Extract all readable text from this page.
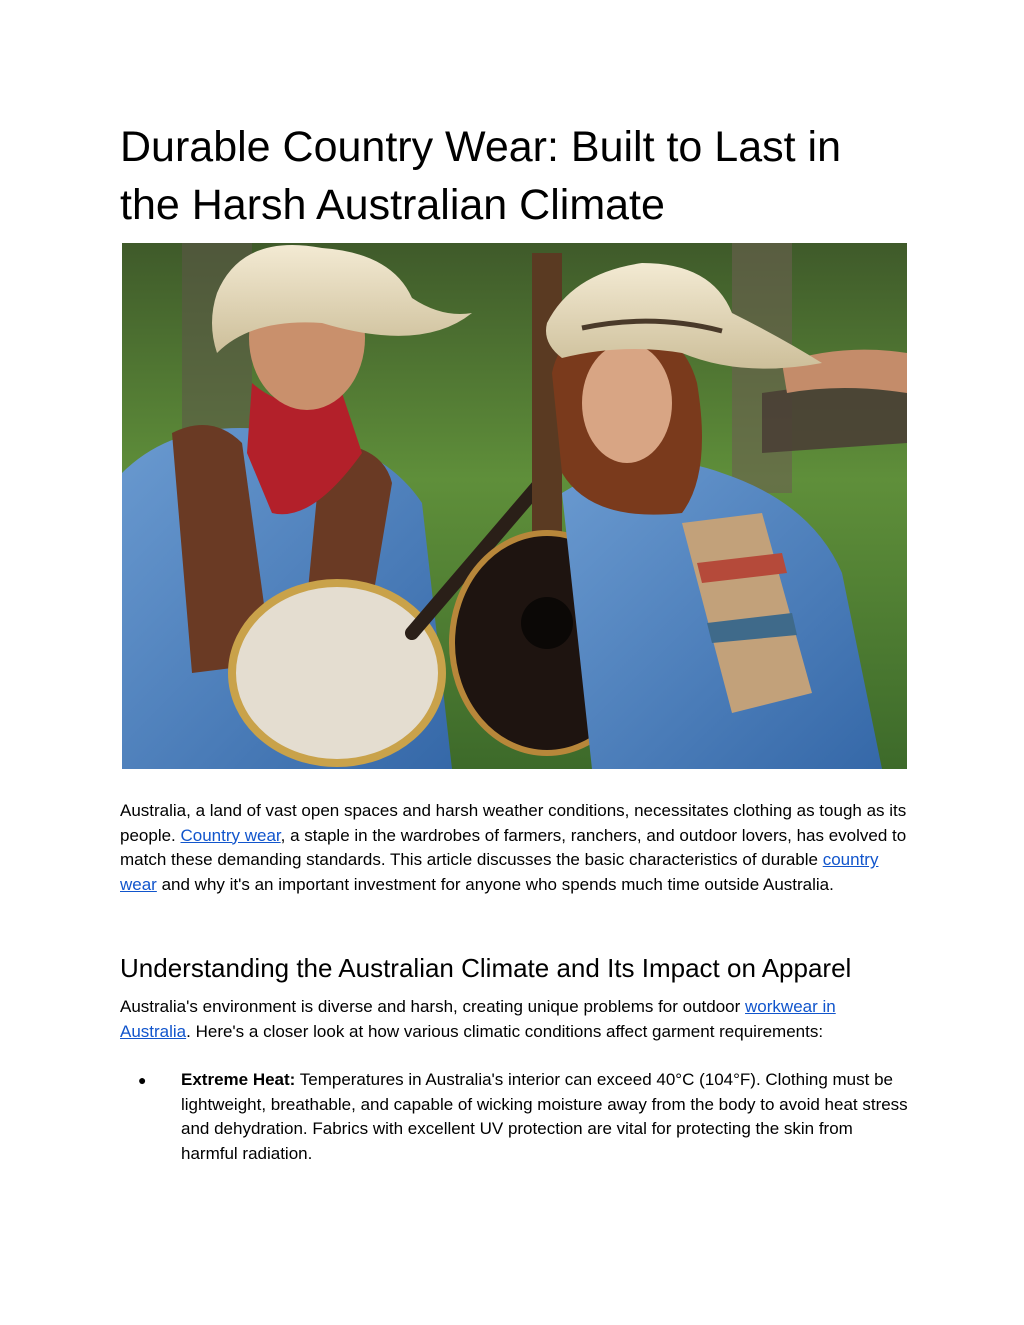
Durable Country Wear: Built to Last in the Harsh Australian Climate

Australia, a land of vast open spaces and harsh weather conditions, necessitates clothing as tough as its people. Country wear, a staple in the wardrobes of farmers, ranchers, and outdoor lovers, has evolved to match these demanding standards. This article discusses the basic characteristics of durable country wear and why it's an important investment for anyone who spends much time outside Australia.

Understanding the Australian Climate and Its Impact on Apparel

Australia's environment is diverse and harsh, creating unique problems for outdoor workwear in Australia. Here's a closer look at how various climatic conditions affect garment requirements:

● Extreme Heat: Temperatures in Australia's interior can exceed 40°C (104°F). Clothing must be lightweight, breathable, and capable of wicking moisture away from the body to avoid heat stress and dehydration. Fabrics with excellent UV protection are vital for protecting the skin from harmful radiation.
